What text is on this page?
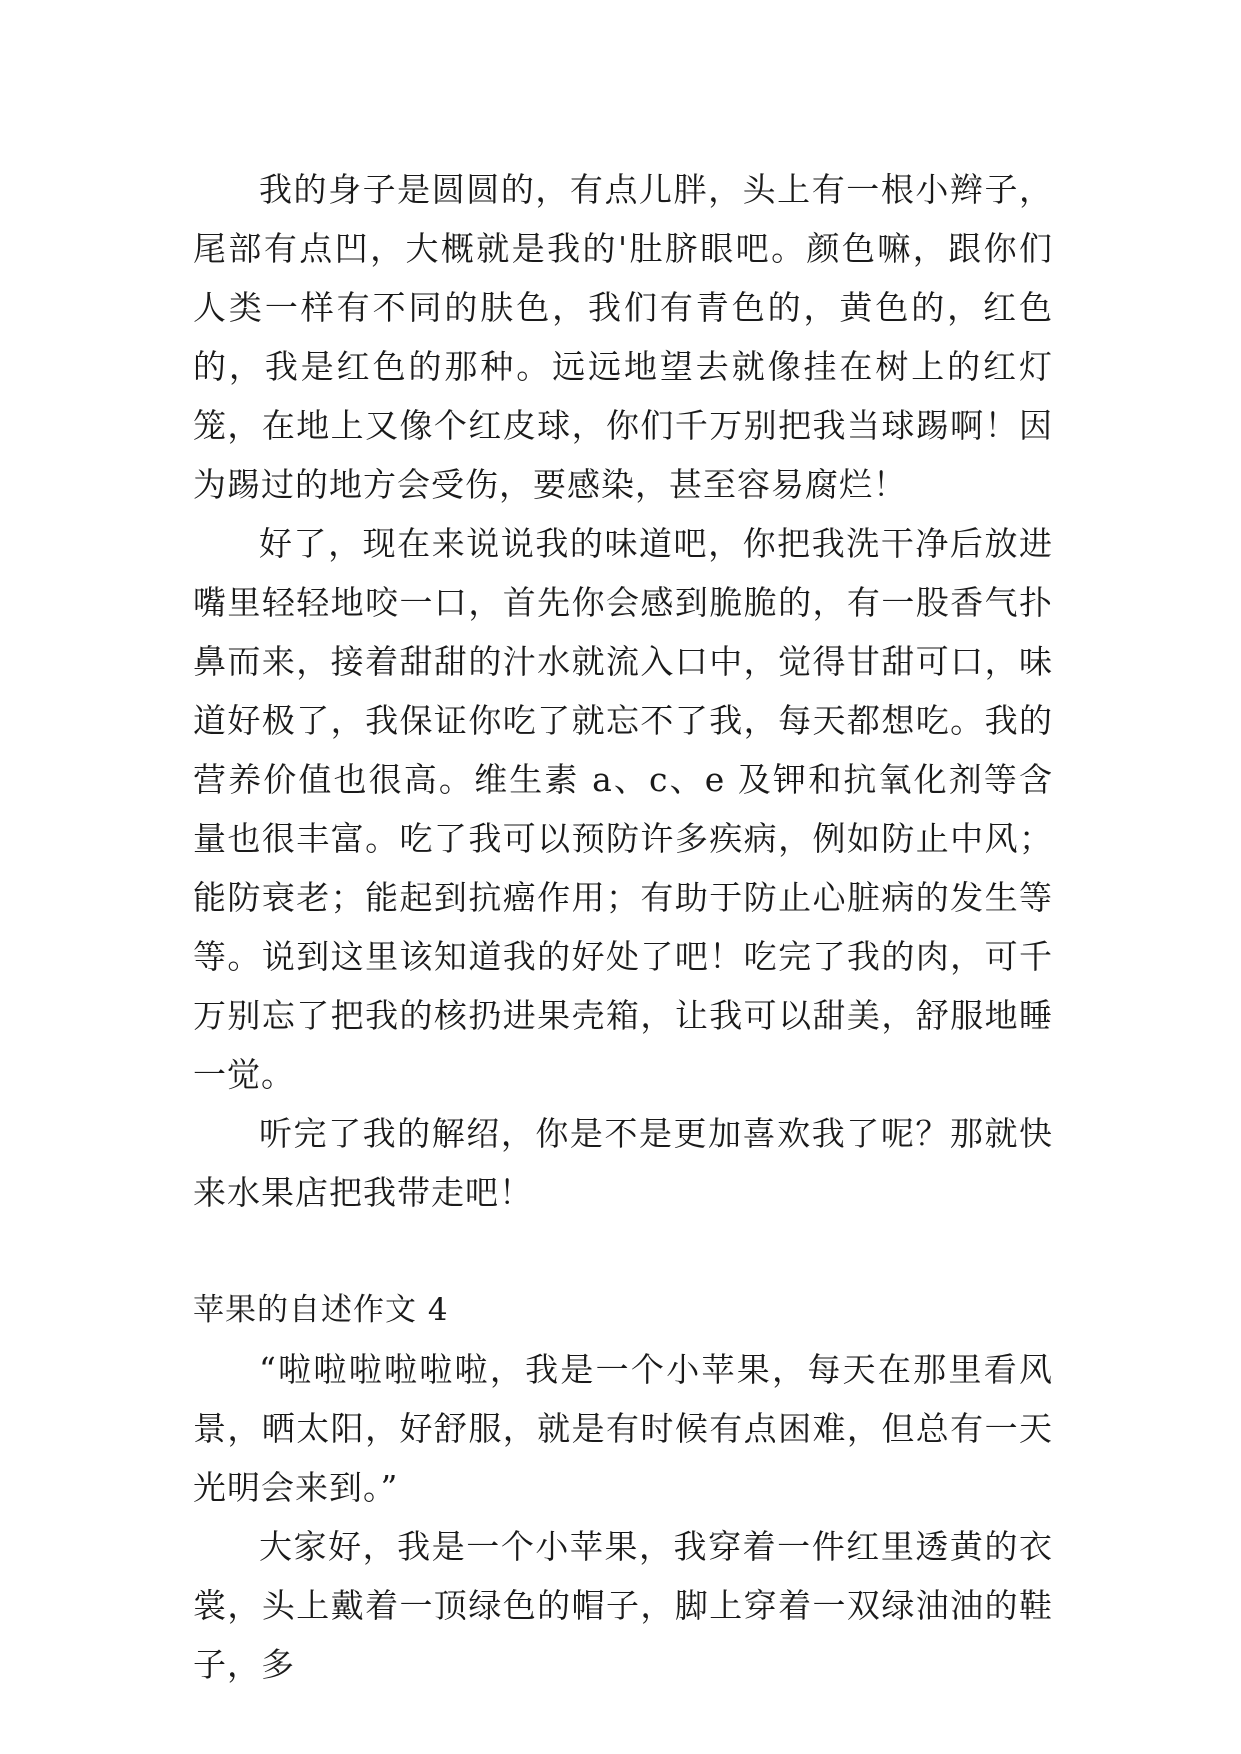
我的身子是圆圆的，有点儿胖，头上有一根小辫子，尾部有点凹，大概就是我的'肚脐眼吧。颜色嘛，跟你们人类一样有不同的肤色，我们有青色的，黄色的，红色的，我是红色的那种。远远地望去就像挂在树上的红灯笼，在地上又像个红皮球，你们千万别把我当球踢啊！因为踢过的地方会受伤，要感染，甚至容易腐烂！

好了，现在来说说我的味道吧，你把我洗干净后放进嘴里轻轻地咬一口，首先你会感到脆脆的，有一股香气扑鼻而来，接着甜甜的汁水就流入口中，觉得甘甜可口，味道好极了，我保证你吃了就忘不了我，每天都想吃。我的营养价值也很高。维生素 a、c、e 及钾和抗氧化剂等含量也很丰富。吃了我可以预防许多疾病，例如防止中风；能防衰老；能起到抗癌作用；有助于防止心脏病的发生等等。说到这里该知道我的好处了吧！吃完了我的肉，可千万别忘了把我的核扔进果壳箱，让我可以甜美，舒服地睡一觉。

听完了我的解绍，你是不是更加喜欢我了呢？那就快来水果店把我带走吧！

苹果的自述作文 4

“啦啦啦啦啦啦，我是一个小苹果，每天在那里看风景，晒太阳，好舒服，就是有时候有点困难，但总有一天光明会来到。”

大家好，我是一个小苹果，我穿着一件红里透黄的衣裳，头上戴着一顶绿色的帽子，脚上穿着一双绿油油的鞋子，多
